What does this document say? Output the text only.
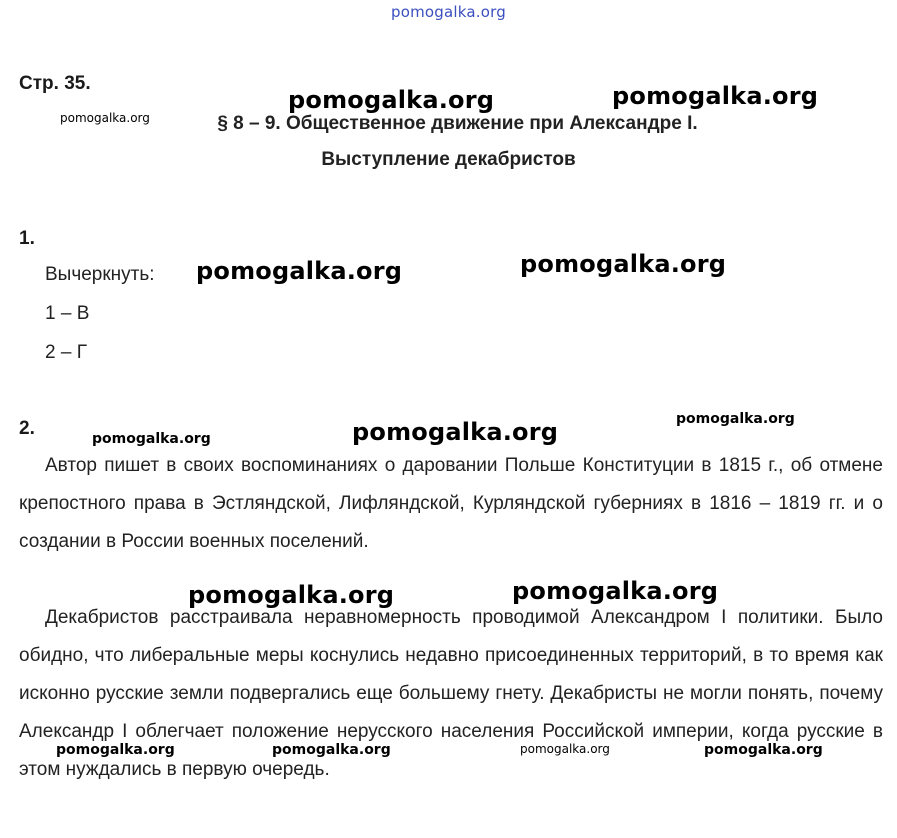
pomogalka.org
Стр. 35.
§ 8 – 9. Общественное движение при Александре I.
Выступление декабристов
1.
Вычеркнуть:
1 – В
2 – Г
2.

Автор пишет в своих воспоминаниях о даровании Польше Конституции в 1815 г., об отмене крепостного права в Эстляндской, Лифляндской, Курляндской губерниях в 1816 – 1819 гг. и о создании в России военных поселений.

Декабристов расстраивала неравномерность проводимой Александром I политики. Было обидно, что либеральные меры коснулись недавно присоединенных территорий, в то время как исконно русские земли подвергались еще большему гнету. Декабристы не могли понять, почему Александр I облегчает положение нерусского населения Российской империи, когда русские в этом нуждались в первую очередь.

pomogalka.org	pomogalka.org
pomogalka.org
pomogalka.org	pomogalka.org
pomogalka.org
pomogalka.org	pomogalka.org
pomogalka.org	pomogalka.org
pomogalka.org	pomogalka.org	pomogalka.org	pomogalka.org
